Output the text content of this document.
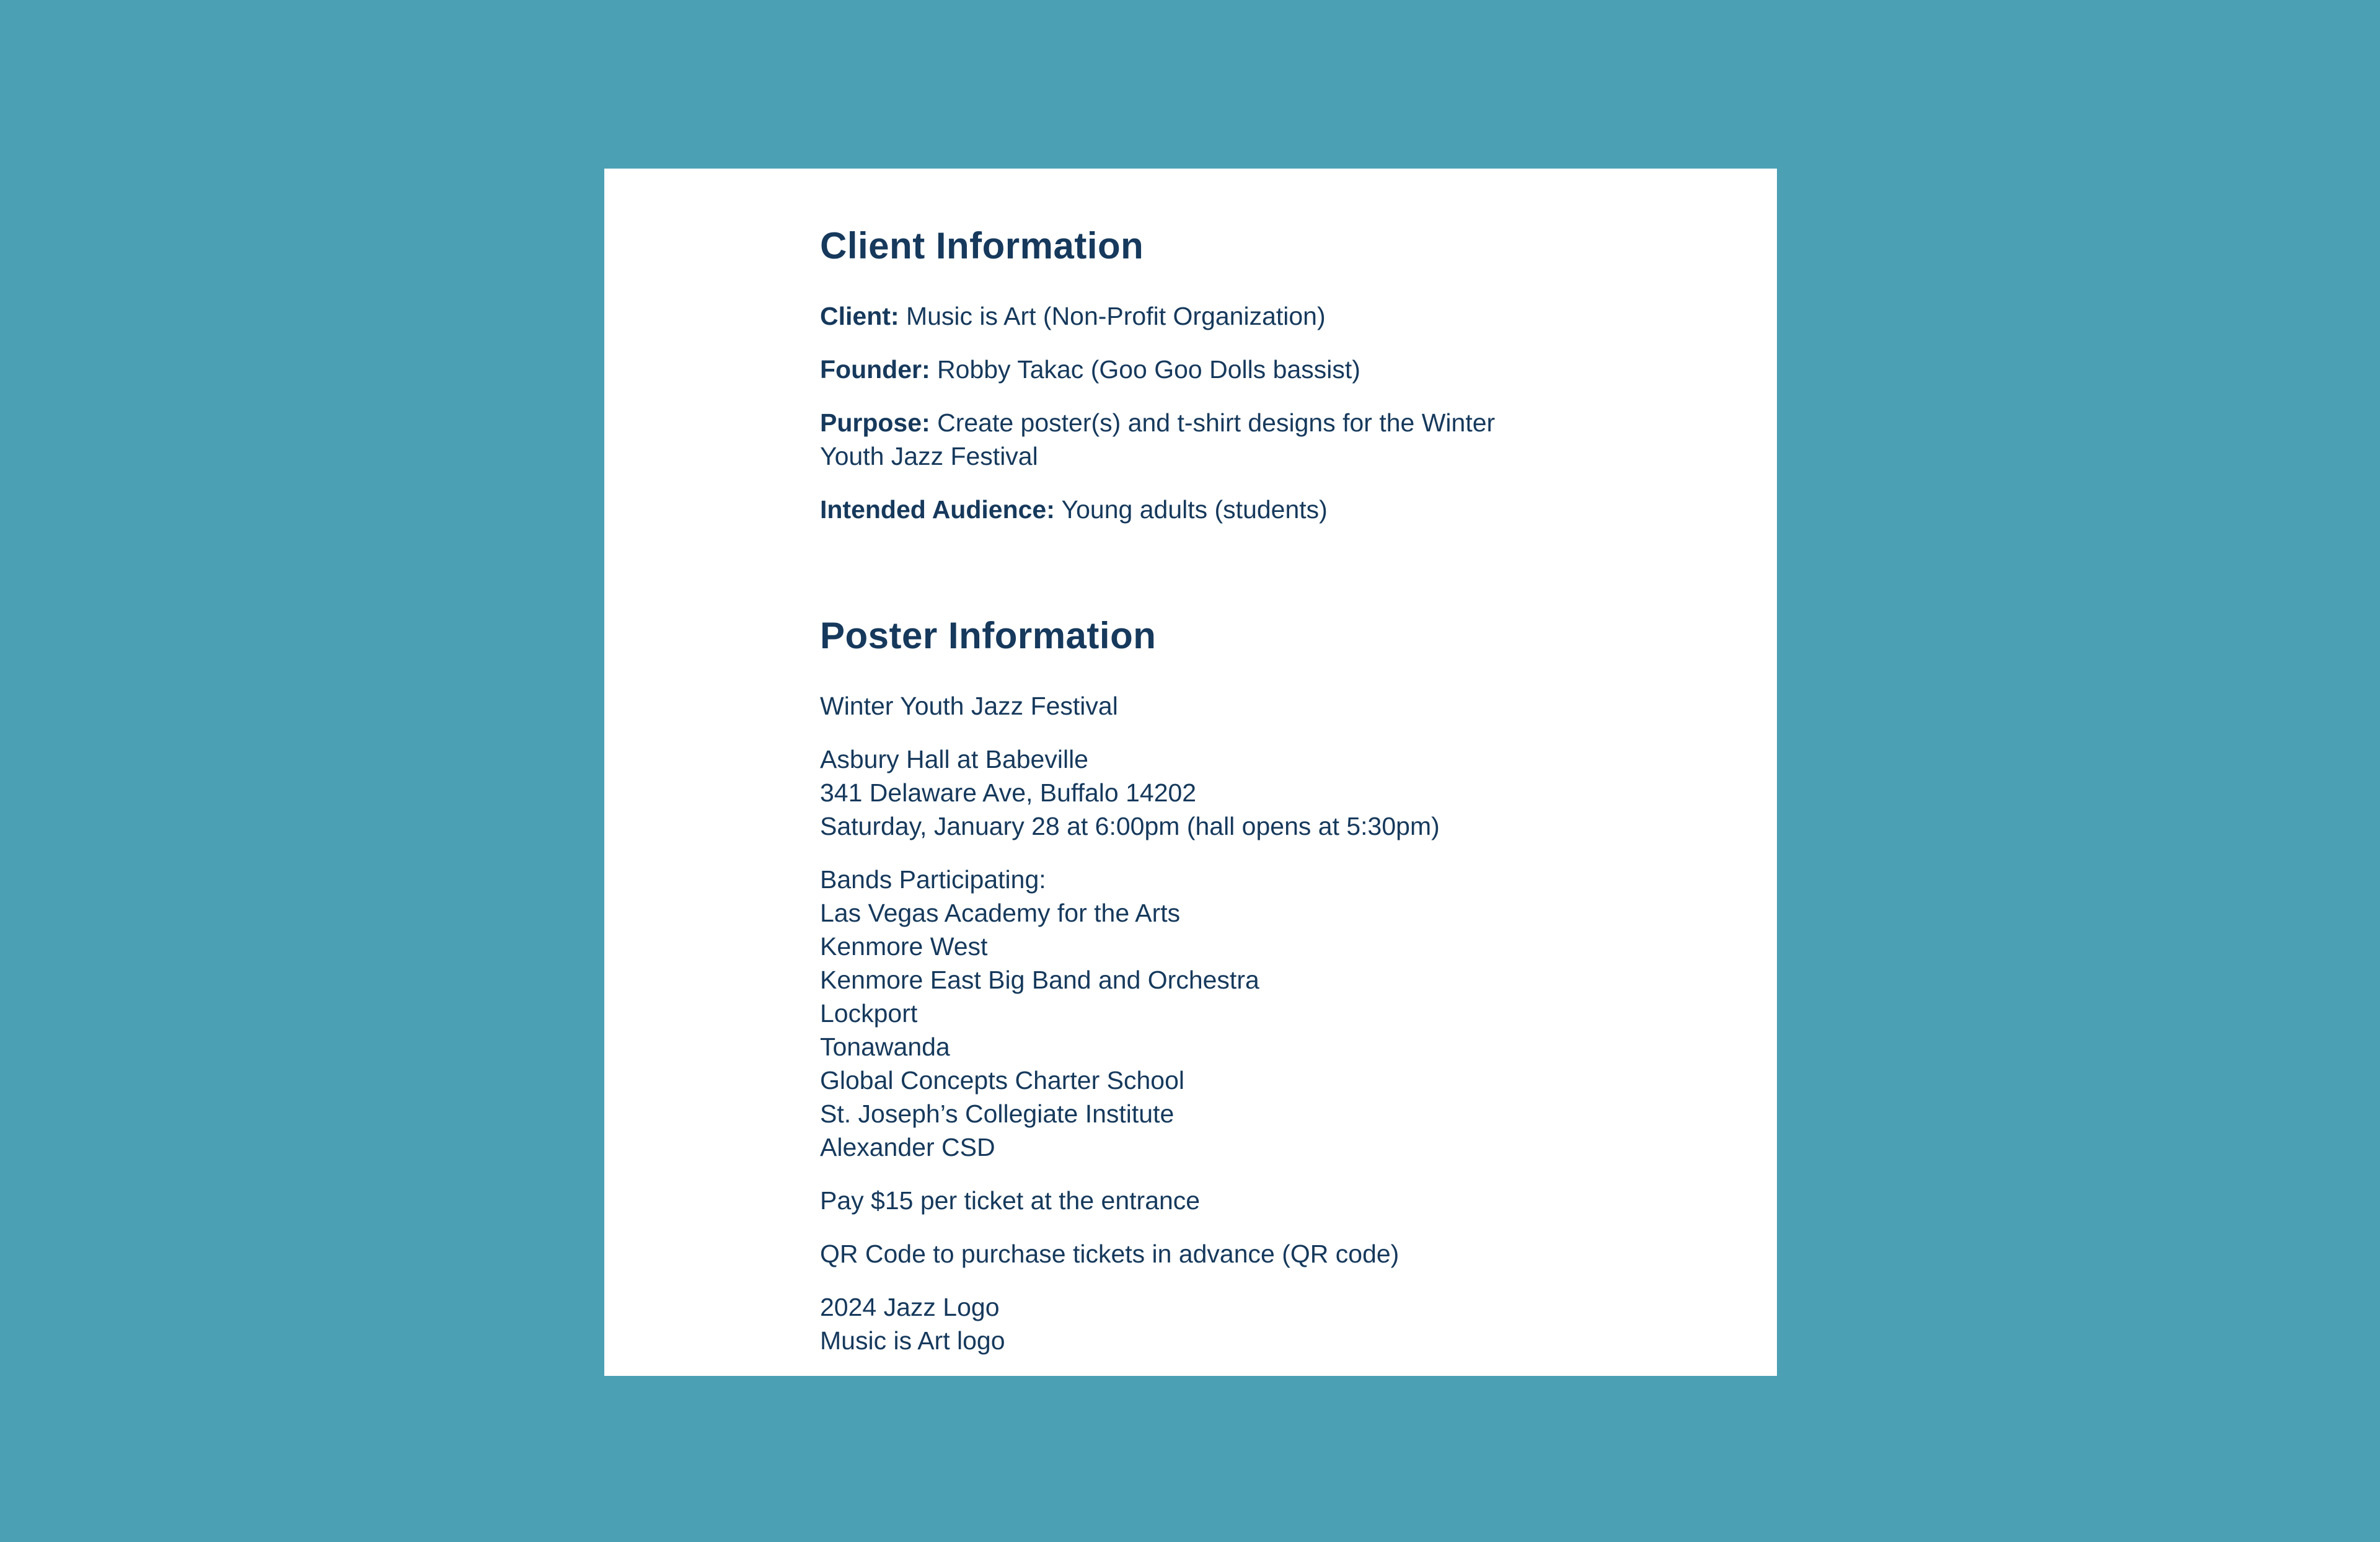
Client Information

Client: Music is Art (Non-Profit Organization)

Founder: Robby Takac (Goo Goo Dolls bassist)

Purpose: Create poster(s) and t-shirt designs for the Winter Youth Jazz Festival

Intended Audience: Young adults (students)

Poster Information

Winter Youth Jazz Festival

Asbury Hall at Babeville
341 Delaware Ave, Buffalo 14202
Saturday, January 28 at 6:00pm (hall opens at 5:30pm)

Bands Participating:
Las Vegas Academy for the Arts
Kenmore West
Kenmore East Big Band and Orchestra
Lockport
Tonawanda
Global Concepts Charter School
St. Joseph’s Collegiate Institute
Alexander CSD

Pay $15 per ticket at the entrance

QR Code to purchase tickets in advance (QR code)

2024 Jazz Logo
Music is Art logo
